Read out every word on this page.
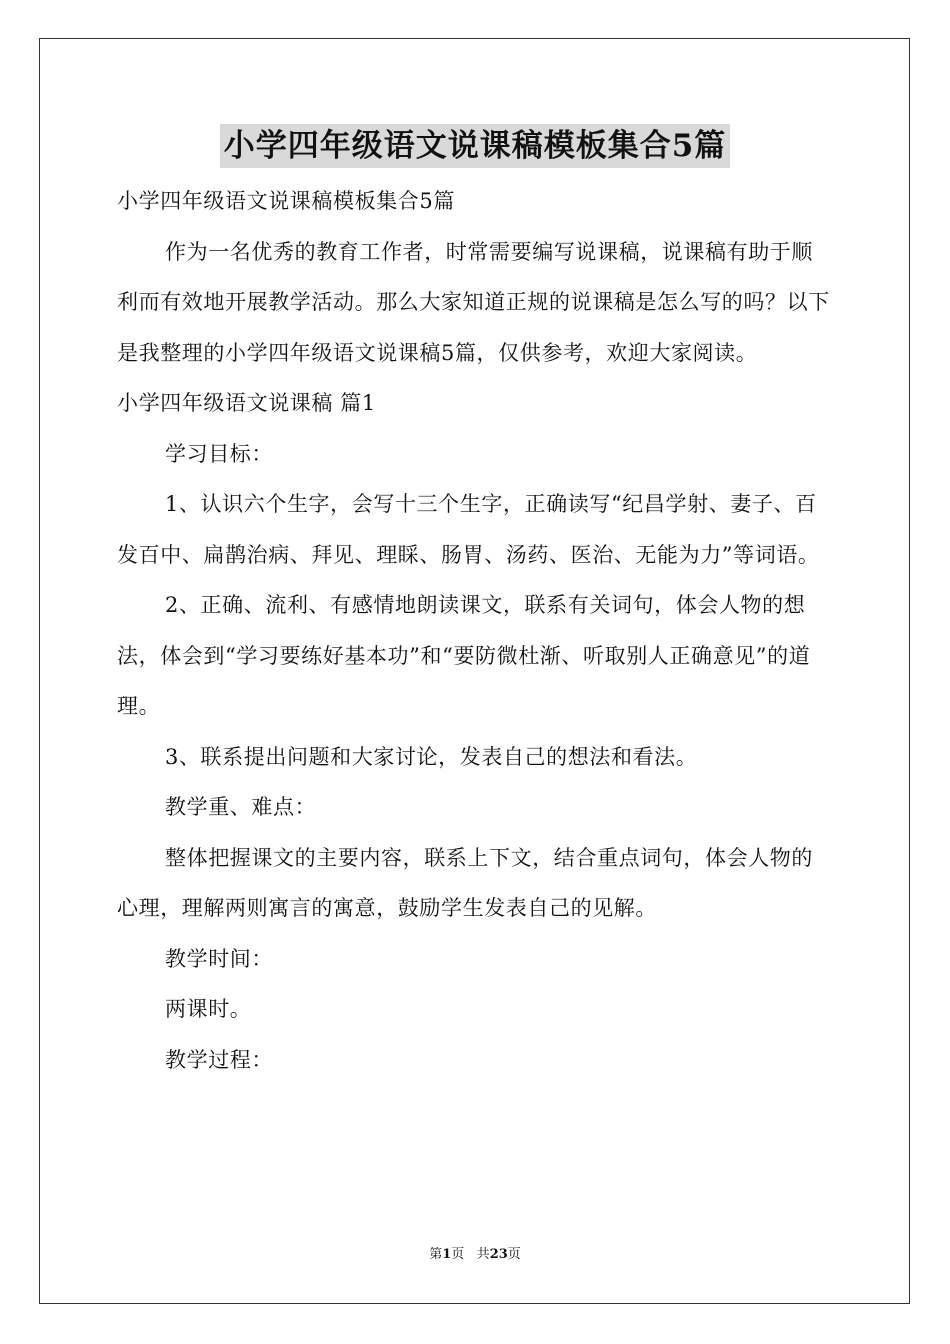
小学四年级语文说课稿模板集合5篇

小学四年级语文说课稿模板集合5篇

作为一名优秀的教育工作者，时常需要编写说课稿，说课稿有助于顺利而有效地开展教学活动。那么大家知道正规的说课稿是怎么写的吗？以下是我整理的小学四年级语文说课稿5篇，仅供参考，欢迎大家阅读。

小学四年级语文说课稿 篇1

学习目标：

1、认识六个生字，会写十三个生字，正确读写“纪昌学射、妻子、百发百中、扁鹊治病、拜见、理睬、肠胃、汤药、医治、无能为力”等词语。

2、正确、流利、有感情地朗读课文，联系有关词句，体会人物的想法，体会到“学习要练好基本功”和“要防微杜渐、听取别人正确意见”的道理。

3、联系提出问题和大家讨论，发表自己的想法和看法。

教学重、难点：

整体把握课文的主要内容，联系上下文，结合重点词句，体会人物的心理，理解两则寓言的寓意，鼓励学生发表自己的见解。

教学时间：

两课时。

教学过程：

第1页 共23页
